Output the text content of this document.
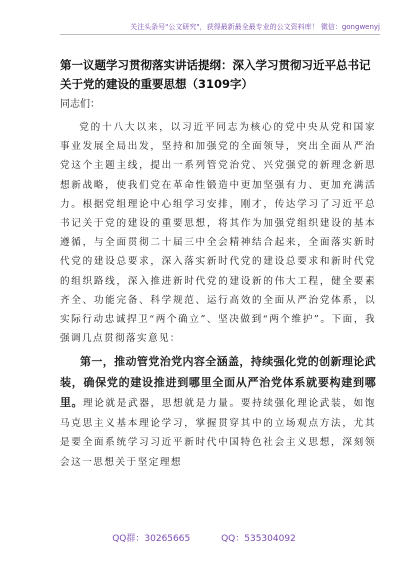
关注头条号"公文研究"，获得最新最全最专业的公文资料库！ 微信：gongwenyj

第一议题学习贯彻落实讲话提纲：深入学习贯彻习近平总书记关于党的建设的重要思想（3109字）

同志们：

党的十八大以来，以习近平同志为核心的党中央从党和国家事业发展全局出发，坚持和加强党的全面领导，突出全面从严治党这个主题主线，提出一系列管党治党、兴党强党的新理念新思想新战略，使我们党在革命性锻造中更加坚强有力、更加充满活力。根据党组理论中心组学习安排，刚才，传达学习了习近平总书记关于党的建设的重要思想，将其作为加强党组织建设的基本遵循，与全面贯彻二十届三中全会精神结合起来，全面落实新时代党的建设总要求，深入落实新时代党的建设总要求和新时代党的组织路线，深入推进新时代党的建设新的伟大工程，健全要素齐全、功能完备、科学规范、运行高效的全面从严治党体系，以实际行动忠诚捍卫“两个确立”、坚决做到“两个维护”。下面，我强调几点贯彻落实意见：

第一，推动管党治党内容全涵盖，持续强化党的创新理论武装，确保党的建设推进到哪里全面从严治党体系就要构建到哪里。理论就是武器，思想就是力量。要持续强化理论武装，如饱马克思主义基本理论学习，掌握贯穿其中的立场观点方法，尤其是要全面系统学习习近平新时代中国特色社会主义思想，深刻领会这一思想关于坚定理想

QQ群：30265665	QQ：535304092
